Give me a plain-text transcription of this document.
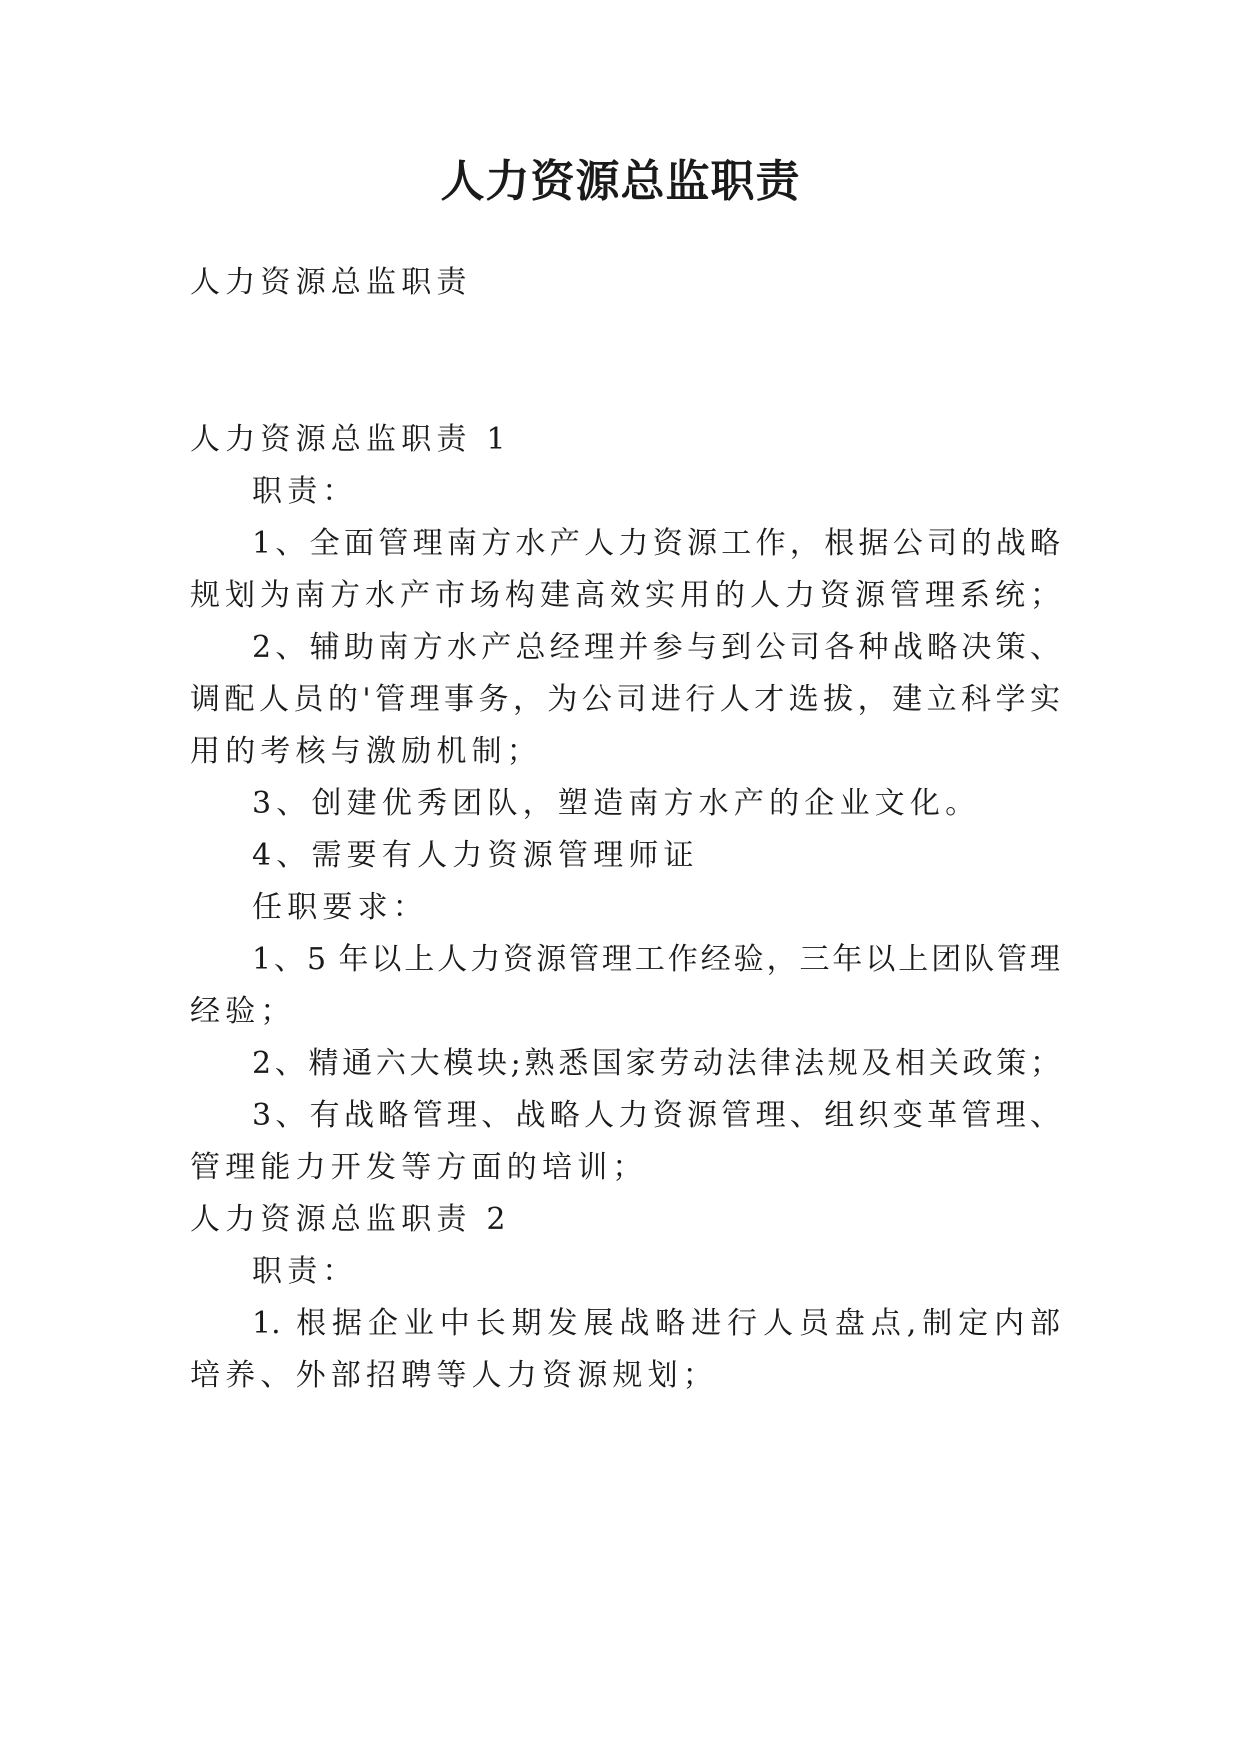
人力资源总监职责

人力资源总监职责

人力资源总监职责 1

职责：

1、全面管理南方水产人力资源工作，根据公司的战略

规划为南方水产市场构建高效实用的人力资源管理系统；

2、辅助南方水产总经理并参与到公司各种战略决策、

调配人员的'管理事务，为公司进行人才选拔，建立科学实

用的考核与激励机制；

3、创建优秀团队，塑造南方水产的企业文化。

4、需要有人力资源管理师证

任职要求：

1、5 年以上人力资源管理工作经验，三年以上团队管理

经验；

2、精通六大模块;熟悉国家劳动法律法规及相关政策；

3、有战略管理、战略人力资源管理、组织变革管理、

管理能力开发等方面的培训；

人力资源总监职责 2

职责：

1. 根据企业中长期发展战略进行人员盘点,制定内部

培养、外部招聘等人力资源规划；
